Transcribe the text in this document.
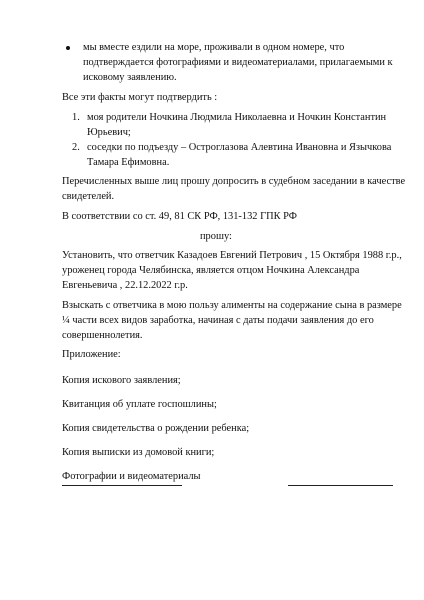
мы вместе ездили на море, проживали в одном номере, что
подтверждается фотографиями и видеоматериалами, прилагаемыми к
исковому заявлению.
Все эти факты могут подтвердить :
1. моя родители Ночкина Людмила Николаевна и Ночкин Константин
Юрьевич;
2. соседки по подъезду – Остроглазова Алевтина Ивановна и Язычкова
Тамара Ефимовна.
Перечисленных выше лиц прошу допросить в судебном заседании в качестве
свидетелей.
В соответствии со ст. 49, 81 СК РФ, 131-132 ГПК РФ
прошу:
Установить, что ответчик Казадоев Евгений Петрович , 15 Октября 1988 г.р.,
уроженец города Челябинска, является отцом Ночкина Александра
Евгеньевича , 22.12.2022 г.р.
Взыскать с ответчика в мою пользу алименты на содержание сына в размере
¼ части всех видов заработка, начиная с даты подачи заявления до его
совершеннолетия.
Приложение:
Копия искового заявления;
Квитанция об уплате госпошлины;
Копия свидетельства о рождении ребенка;
Копия выписки из домовой книги;
Фотографии и видеоматериалы
